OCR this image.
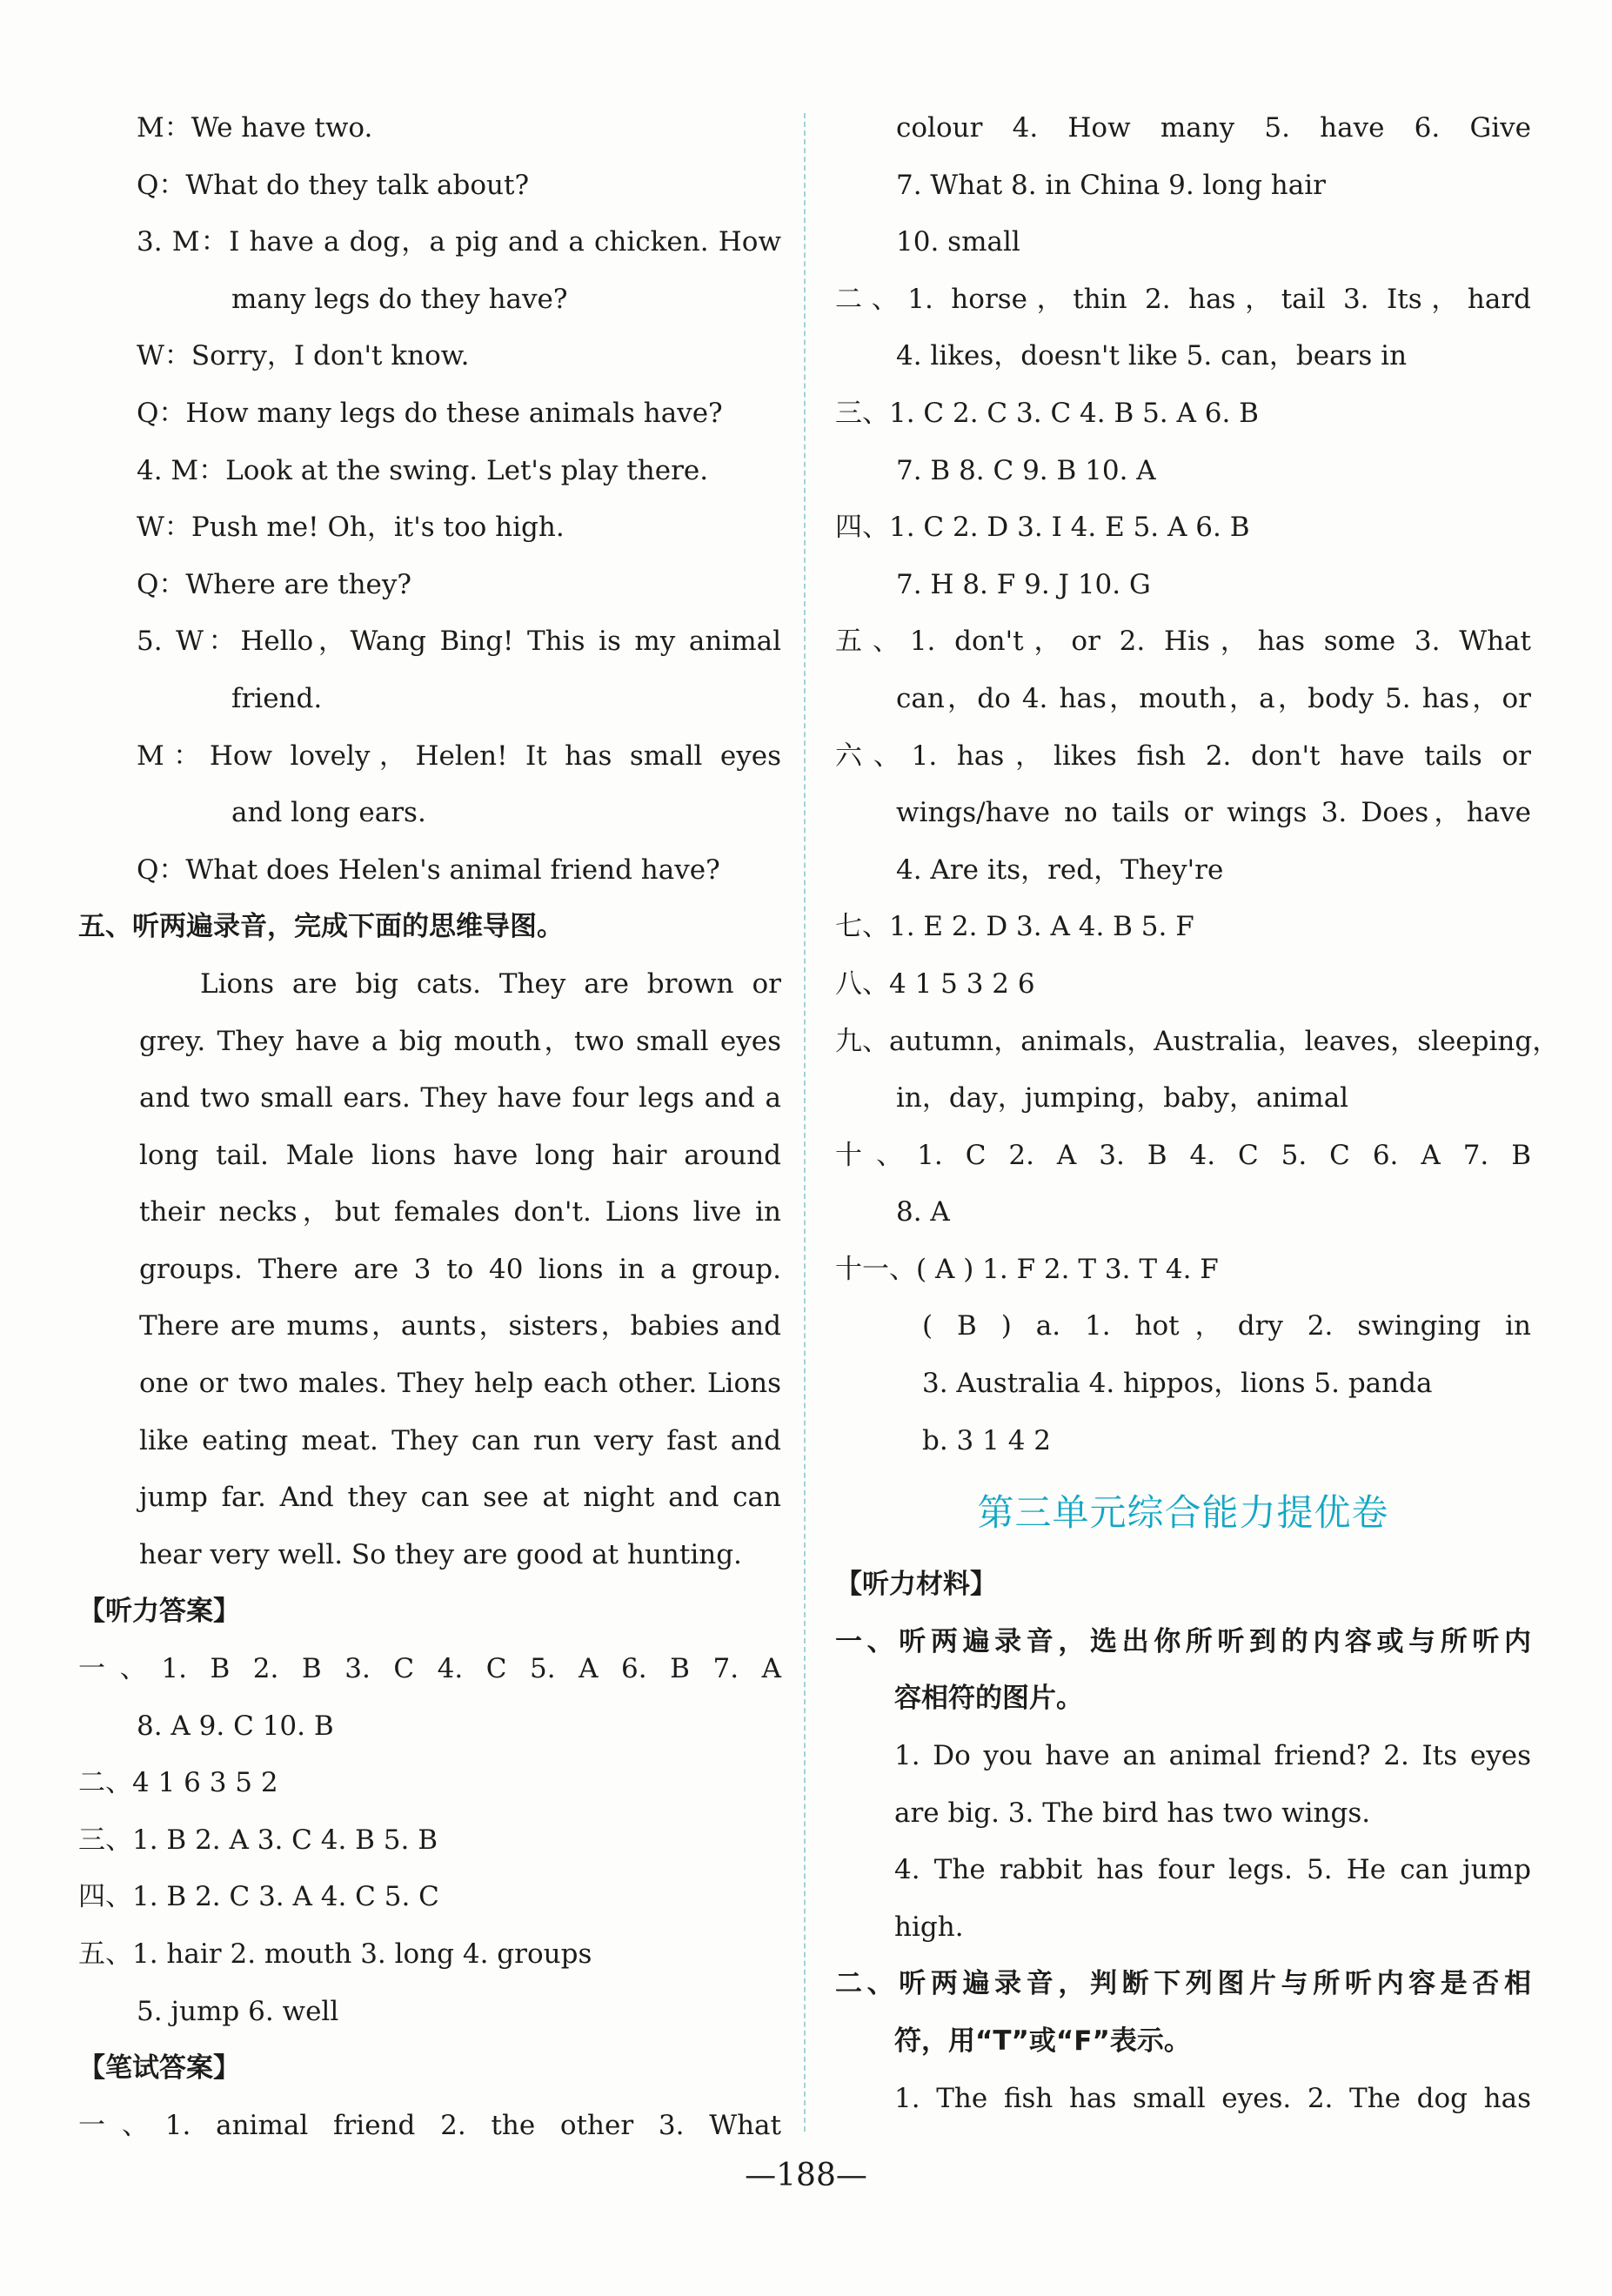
M：We have two.
Q：What do they talk about?
3. M：I have a dog，a pig and a chicken. How
many legs do they have?
W：Sorry，I don't know.
Q：How many legs do these animals have?
4. M：Look at the swing. Let's play there.
W：Push me! Oh，it's too high.
Q：Where are they?
5. W：Hello，Wang Bing! This is my animal
friend.
M：How lovely，Helen! It has small eyes
and long ears.
Q：What does Helen's animal friend have?
五、听两遍录音，完成下面的思维导图。
Lions are big cats. They are brown or
grey. They have a big mouth，two small eyes
and two small ears. They have four legs and a
long tail. Male lions have long hair around
their necks，but females don't. Lions live in
groups. There are 3 to 40 lions in a group.
There are mums，aunts，sisters，babies and
one or two males. They help each other. Lions
like eating meat. They can run very fast and
jump far. And they can see at night and can
hear very well. So they are good at hunting.
【听力答案】
一、1. B 2. B 3. C 4. C 5. A 6. B 7. A
8. A 9. C 10. B
二、4 1 6 3 5 2
三、1. B 2. A 3. C 4. B 5. B
四、1. B 2. C 3. A 4. C 5. C
五、1. hair 2. mouth 3. long 4. groups
5. jump 6. well
【笔试答案】
一、1. animal friend 2. the other 3. What
colour 4. How many 5. have 6. Give
7. What 8. in China 9. long hair
10. small
二、1. horse，thin 2. has，tail 3. Its，hard
4. likes，doesn't like 5. can，bears in
三、1. C 2. C 3. C 4. B 5. A 6. B
7. B 8. C 9. B 10. A
四、1. C 2. D 3. I 4. E 5. A 6. B
7. H 8. F 9. J 10. G
五、1. don't，or 2. His，has some 3. What
can，do 4. has，mouth，a，body 5. has，or
六、1. has，likes fish 2. don't have tails or
wings/have no tails or wings 3. Does，have
4. Are its，red，They're
七、1. E 2. D 3. A 4. B 5. F
八、4 1 5 3 2 6
九、autumn，animals，Australia，leaves，sleeping，
in，day，jumping，baby，animal
十、1. C 2. A 3. B 4. C 5. C 6. A 7. B
8. A
十一、( A ) 1. F 2. T 3. T 4. F
( B ) a. 1. hot，dry 2. swinging in
3. Australia 4. hippos，lions 5. panda
b. 3 1 4 2
第三单元综合能力提优卷
【听力材料】
一、听两遍录音，选出你所听到的内容或与所听内
容相符的图片。
1. Do you have an animal friend? 2. Its eyes
are big. 3. The bird has two wings.
4. The rabbit has four legs. 5. He can jump
high.
二、听两遍录音，判断下列图片与所听内容是否相
符，用“T”或“F”表示。
1. The fish has small eyes. 2. The dog has
—188—
